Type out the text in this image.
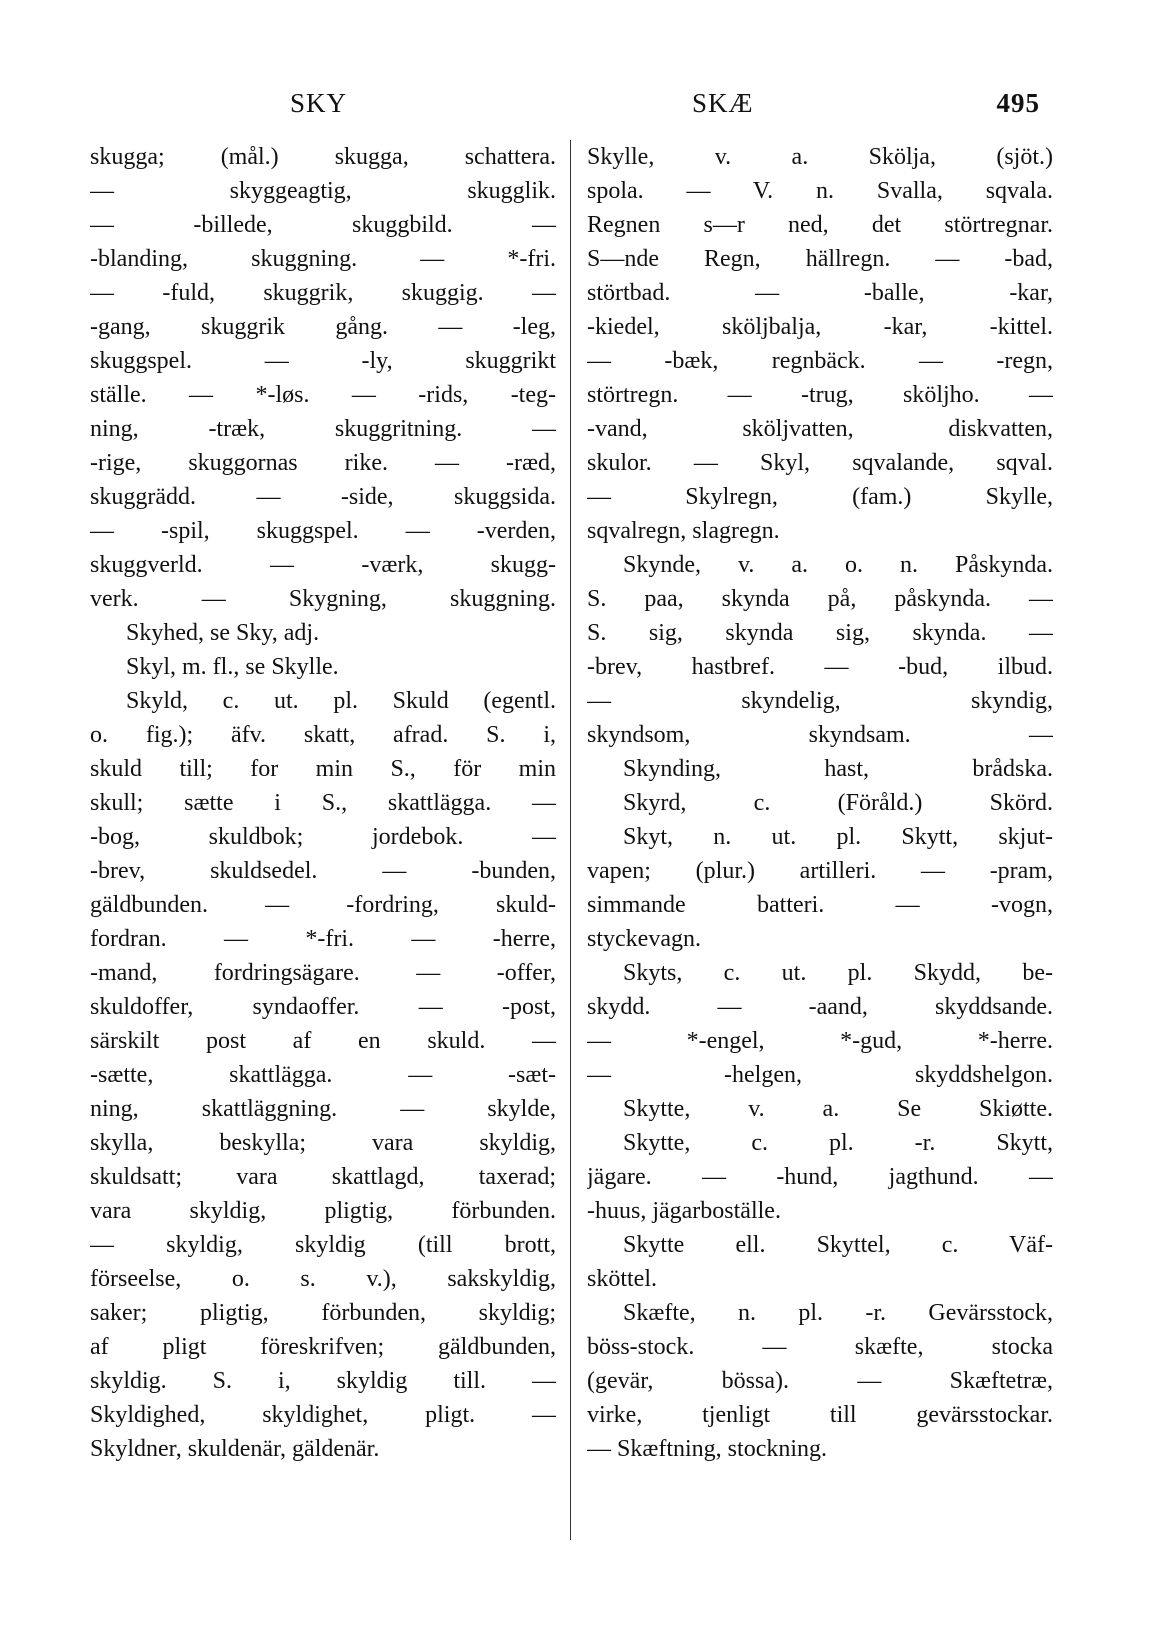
SKY	SKÆ	495
skugga; (mål.) skugga, schattera.
— skyggeagtig, skugglik.
— -billede, skuggbild. —
-blanding, skuggning. — *-fri.
— -fuld, skuggrik, skuggig. —
-gang, skuggrik gång. — -leg,
skuggspel. — -ly, skuggrikt
ställe. — *-løs. — -rids, -teg-
ning, -træk, skuggritning. —
-rige, skuggornas rike. — -ræd,
skuggrädd. — -side, skuggsida.
— -spil, skuggspel. — -verden,
skuggverld. — -værk, skugg-
verk. — Skygning, skuggning.
Skyhed, se Sky, adj.
Skyl, m. fl., se Skylle.
Skyld, c. ut. pl. Skuld (egentl.
o. fig.); äfv. skatt, afrad. S. i,
skuld till; for min S., för min
skull; sætte i S., skattlägga. —
-bog, skuldbok; jordebok. —
-brev, skuldsedel. — -bunden,
gäldbunden. — -fordring, skuld-
fordran. — *-fri. — -herre,
-mand, fordringsägare. — -offer,
skuldoffer, syndaoffer. — -post,
särskilt post af en skuld. —
-sætte, skattlägga. — -sæt-
ning, skattläggning. — skylde,
skylla, beskylla; vara skyldig,
skuldsatt; vara skattlagd, taxerad;
vara skyldig, pligtig, förbunden.
— skyldig, skyldig (till brott,
förseelse, o. s. v.), sakskyldig,
saker; pligtig, förbunden, skyldig;
af pligt föreskrifven; gäldbunden,
skyldig. S. i, skyldig till. —
Skyldighed, skyldighet, pligt. —
Skyldner, skuldenär, gäldenär.
Skylle, v. a. Skölja, (sjöt.)
spola. — V. n. Svalla, sqvala.
Regnen s—r ned, det störtregnar.
S—nde Regn, hällregn. — -bad,
störtbad. — -balle, -kar,
-kiedel, sköljbalja, -kar, -kittel.
— -bæk, regnbäck. — -regn,
störtregn. — -trug, sköljho. —
-vand, sköljvatten, diskvatten,
skulor. — Skyl, sqvalande, sqval.
— Skylregn, (fam.) Skylle,
sqvalregn, slagregn.
Skynde, v. a. o. n. Påskynda.
S. paa, skynda på, påskynda. —
S. sig, skynda sig, skynda. —
-brev, hastbref. — -bud, ilbud.
— skyndelig, skyndig,
skyndsom, skyndsam. —
Skynding, hast, brådska.
Skyrd, c. (Föråld.) Skörd.
Skyt, n. ut. pl. Skytt, skjut-
vapen; (plur.) artilleri. — -pram,
simmande batteri. — -vogn,
styckevagn.
Skyts, c. ut. pl. Skydd, be-
skydd. — -aand, skyddsande.
— *-engel, *-gud, *-herre.
— -helgen, skyddshelgon.
Skytte, v. a. Se Skiøtte.
Skytte, c. pl. -r. Skytt,
jägare. — -hund, jagthund. —
-huus, jägarboställe.
Skytte ell. Skyttel, c. Väf-
sköttel.
Skæfte, n. pl. -r. Gevärsstock,
böss-stock. — skæfte, stocka
(gevär, bössa). — Skæftetræ,
virke, tjenligt till gevärsstockar.
— Skæftning, stockning.
